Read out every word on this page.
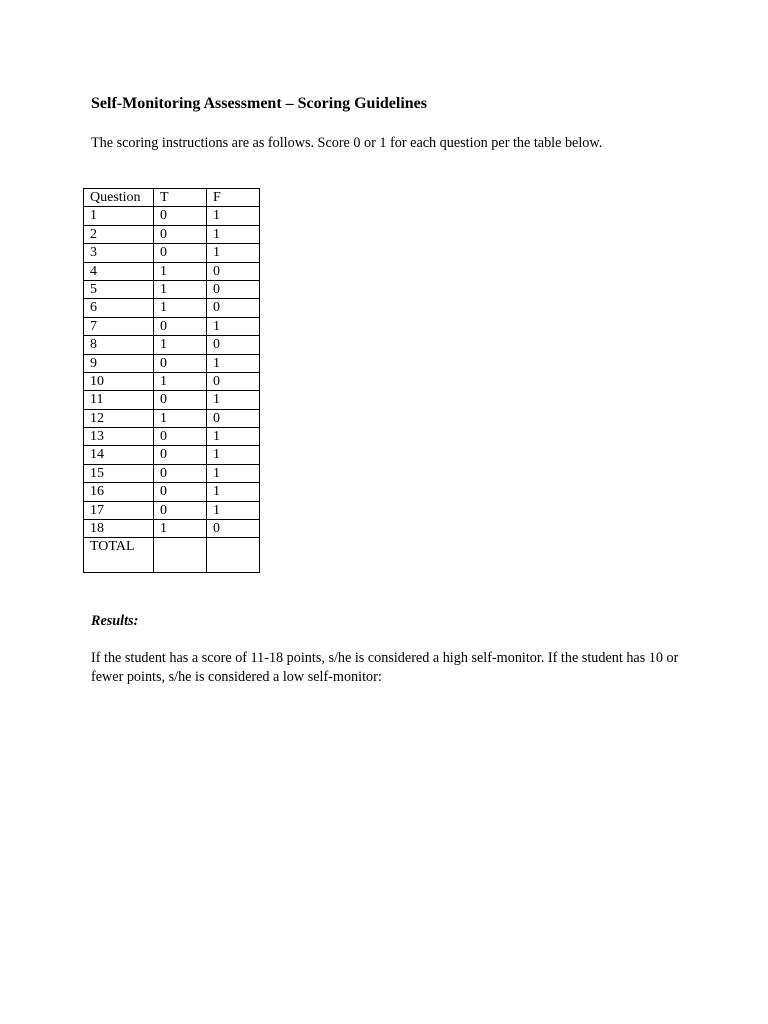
Self-Monitoring Assessment – Scoring Guidelines

The scoring instructions are as follows. Score 0 or 1 for each question per the table below.

Question	T	F
1	0	1
2	0	1
3	0	1
4	1	0
5	1	0
6	1	0
7	0	1
8	1	0
9	0	1
10	1	0
11	0	1
12	1	0
13	0	1
14	0	1
15	0	1
16	0	1
17	0	1
18	1	0
TOTAL		

Results:

If the student has a score of 11-18 points, s/he is considered a high self-monitor. If the student has 10 or fewer points, s/he is considered a low self-monitor:
